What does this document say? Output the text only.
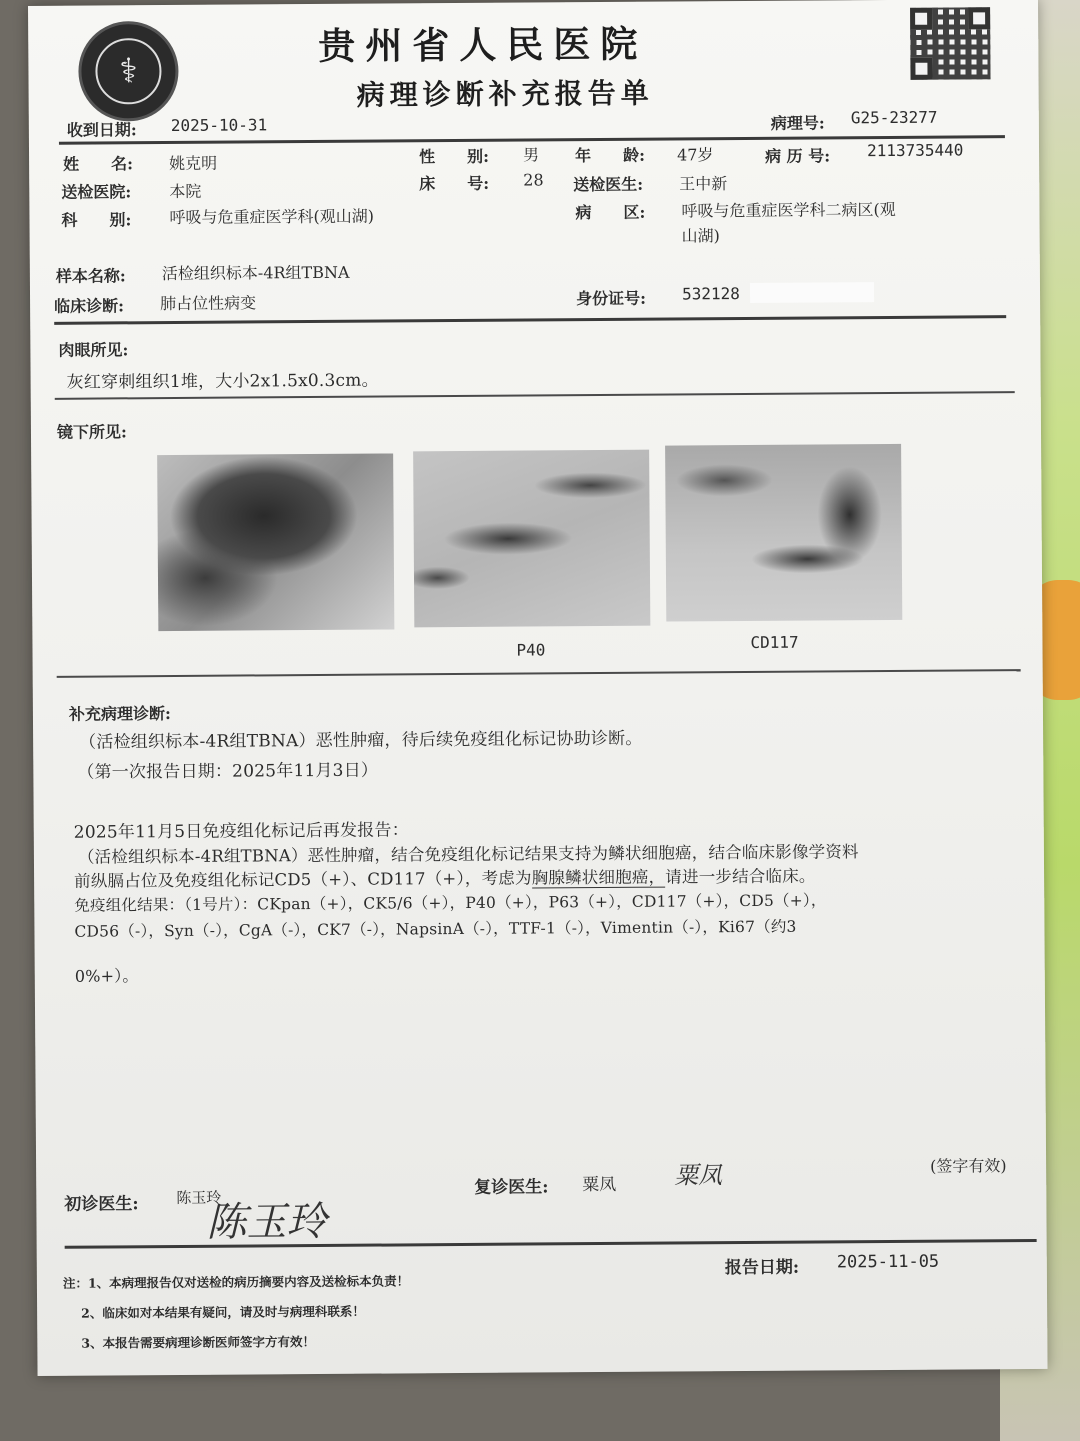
⚕
贵州省人民医院
病理诊断补充报告单
收到日期: 2025-10-31	病理号: G25-23277
姓　　名: 姚克明	性　　别: 男 年　　龄: 47岁	病 历 号: 2113735440
送检医院: 本院	床　　号: 28 送检医生: 王中新
科　　别: 呼吸与危重症医学科(观山湖)	病　　区: 呼吸与危重症医学科二病区(观
山湖)
样本名称: 活检组织标本-4R组TBNA
临床诊断: 肺占位性病变	身份证号: 532128
肉眼所见:
灰红穿刺组织1堆，大小2x1.5x0.3cm。
镜下所见:
P40	CD117
补充病理诊断:
（活检组织标本-4R组TBNA）恶性肿瘤，待后续免疫组化标记协助诊断。
（第一次报告日期：2025年11月3日）
2025年11月5日免疫组化标记后再发报告：
（活检组织标本-4R组TBNA）恶性肿瘤，结合免疫组化标记结果支持为鳞状细胞癌，结合临床影像学资料
前纵膈占位及免疫组化标记CD5（+）、CD117（+），考虑为胸腺鳞状细胞癌，请进一步结合临床。
免疫组化结果：（1号片）：CKpan（+），CK5/6（+），P40（+），P63（+），CD117（+），CD5（+），
CD56（-），Syn（-），CgA（-），CK7（-），NapsinA（-），TTF-1（-），Vimentin（-），Ki67（约3
0%+）。
初诊医生:	陈玉玲
陈玉玲
复诊医生: 粟凤 粟凤	(签字有效)
注：1、本病理报告仅对送检的病历摘要内容及送检标本负责！
2、临床如对本结果有疑问，请及时与病理科联系！
3、本报告需要病理诊断医师签字方有效！
报告日期: 2025-11-05
